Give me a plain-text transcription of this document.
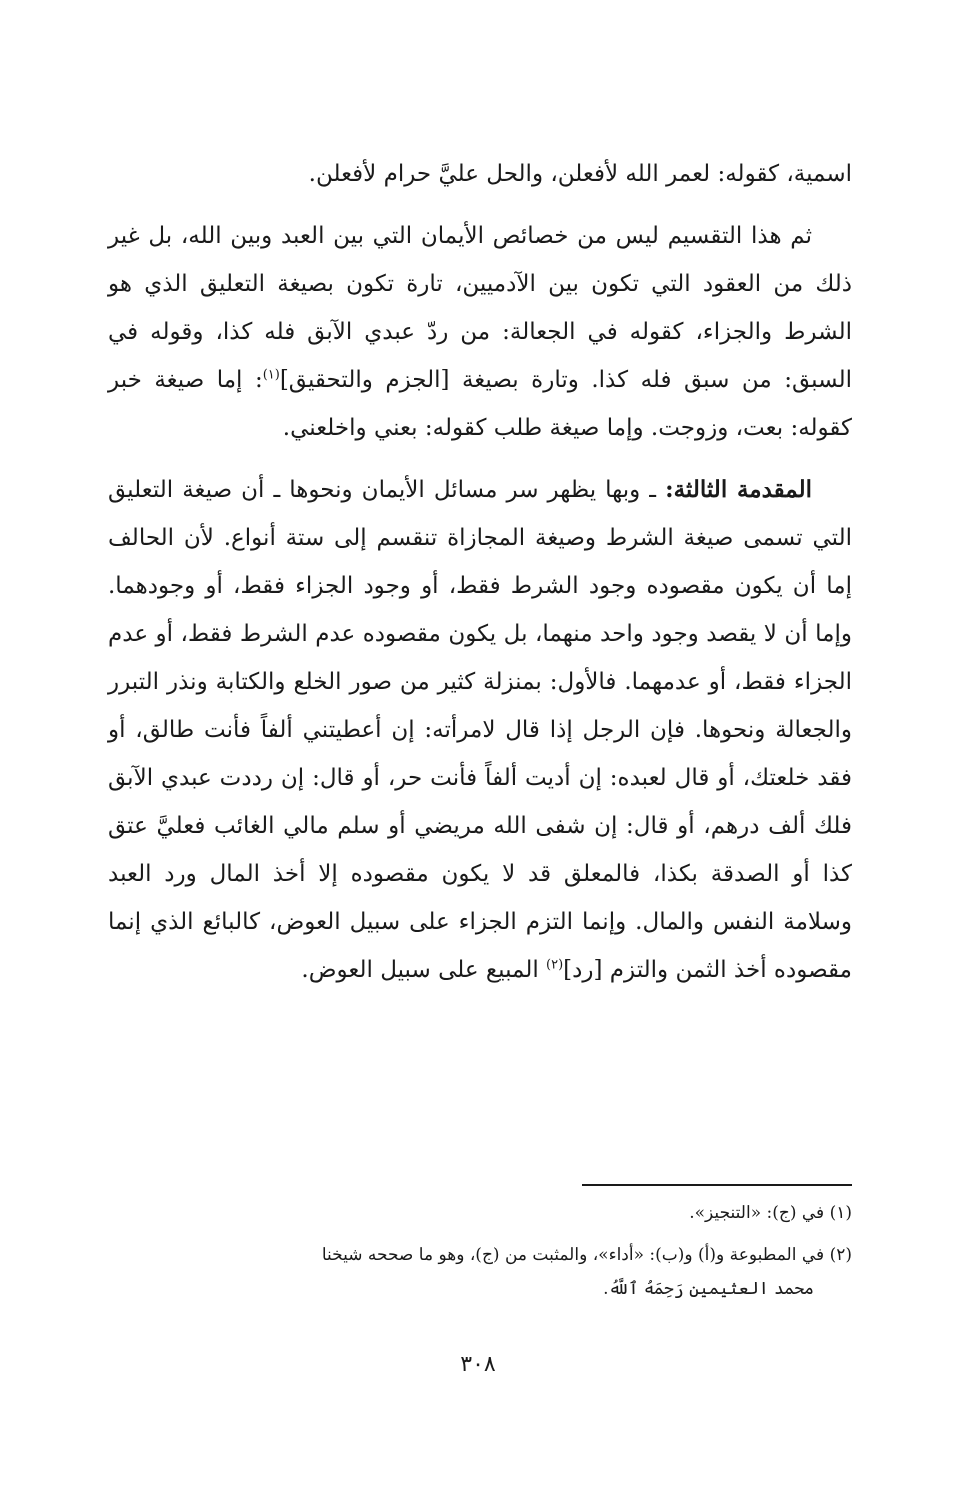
اسمية، كقوله: لعمر الله لأفعلن، والحل عليَّ حرام لأفعلن.

ثم هذا التقسيم ليس من خصائص الأيمان التي بين العبد وبين الله، بل غير ذلك من العقود التي تكون بين الآدميين، تارة تكون بصيغة التعليق الذي هو الشرط والجزاء، كقوله في الجعالة: من ردّ عبدي الآبق فله كذا، وقوله في السبق: من سبق فله كذا. وتارة بصيغة [الجزم والتحقيق]$^{(١)}$: إما صيغة خبر كقوله: بعت، وزوجت. وإما صيغة طلب كقوله: بعني واخلعني.

المقدمة الثالثة: ـ وبها يظهر سر مسائل الأيمان ونحوها ـ أن صيغة التعليق التي تسمى صيغة الشرط وصيغة المجازاة تنقسم إلى ستة أنواع. لأن الحالف إما أن يكون مقصوده وجود الشرط فقط، أو وجود الجزاء فقط، أو وجودهما. وإما أن لا يقصد وجود واحد منهما، بل يكون مقصوده عدم الشرط فقط، أو عدم الجزاء فقط، أو عدمهما. فالأول: بمنزلة كثير من صور الخلع والكتابة ونذر التبرر والجعالة ونحوها. فإن الرجل إذا قال لامرأته: إن أعطيتني ألفاً فأنت طالق، أو فقد خلعتك، أو قال لعبده: إن أديت ألفاً فأنت حر، أو قال: إن رددت عبدي الآبق فلك ألف درهم، أو قال: إن شفى الله مريضي أو سلم مالي الغائب فعليَّ عتق كذا أو الصدقة بكذا، فالمعلق قد لا يكون مقصوده إلا أخذ المال ورد العبد وسلامة النفس والمال. وإنما التزم الجزاء على سبيل العوض، كالبائع الذي إنما مقصوده أخذ الثمن والتزم [رد]$^{(٢)}$ المبيع على سبيل العوض.

(١) في (ج): «التنجيز».

(٢) في المطبوعة و(أ) و(ب): «أداء»، والمثبت من (ج)، وهو ما صححه شيخنا
محمد العثيمين رَحِمَهُ ٱللَّهُ.

٣٠٨
